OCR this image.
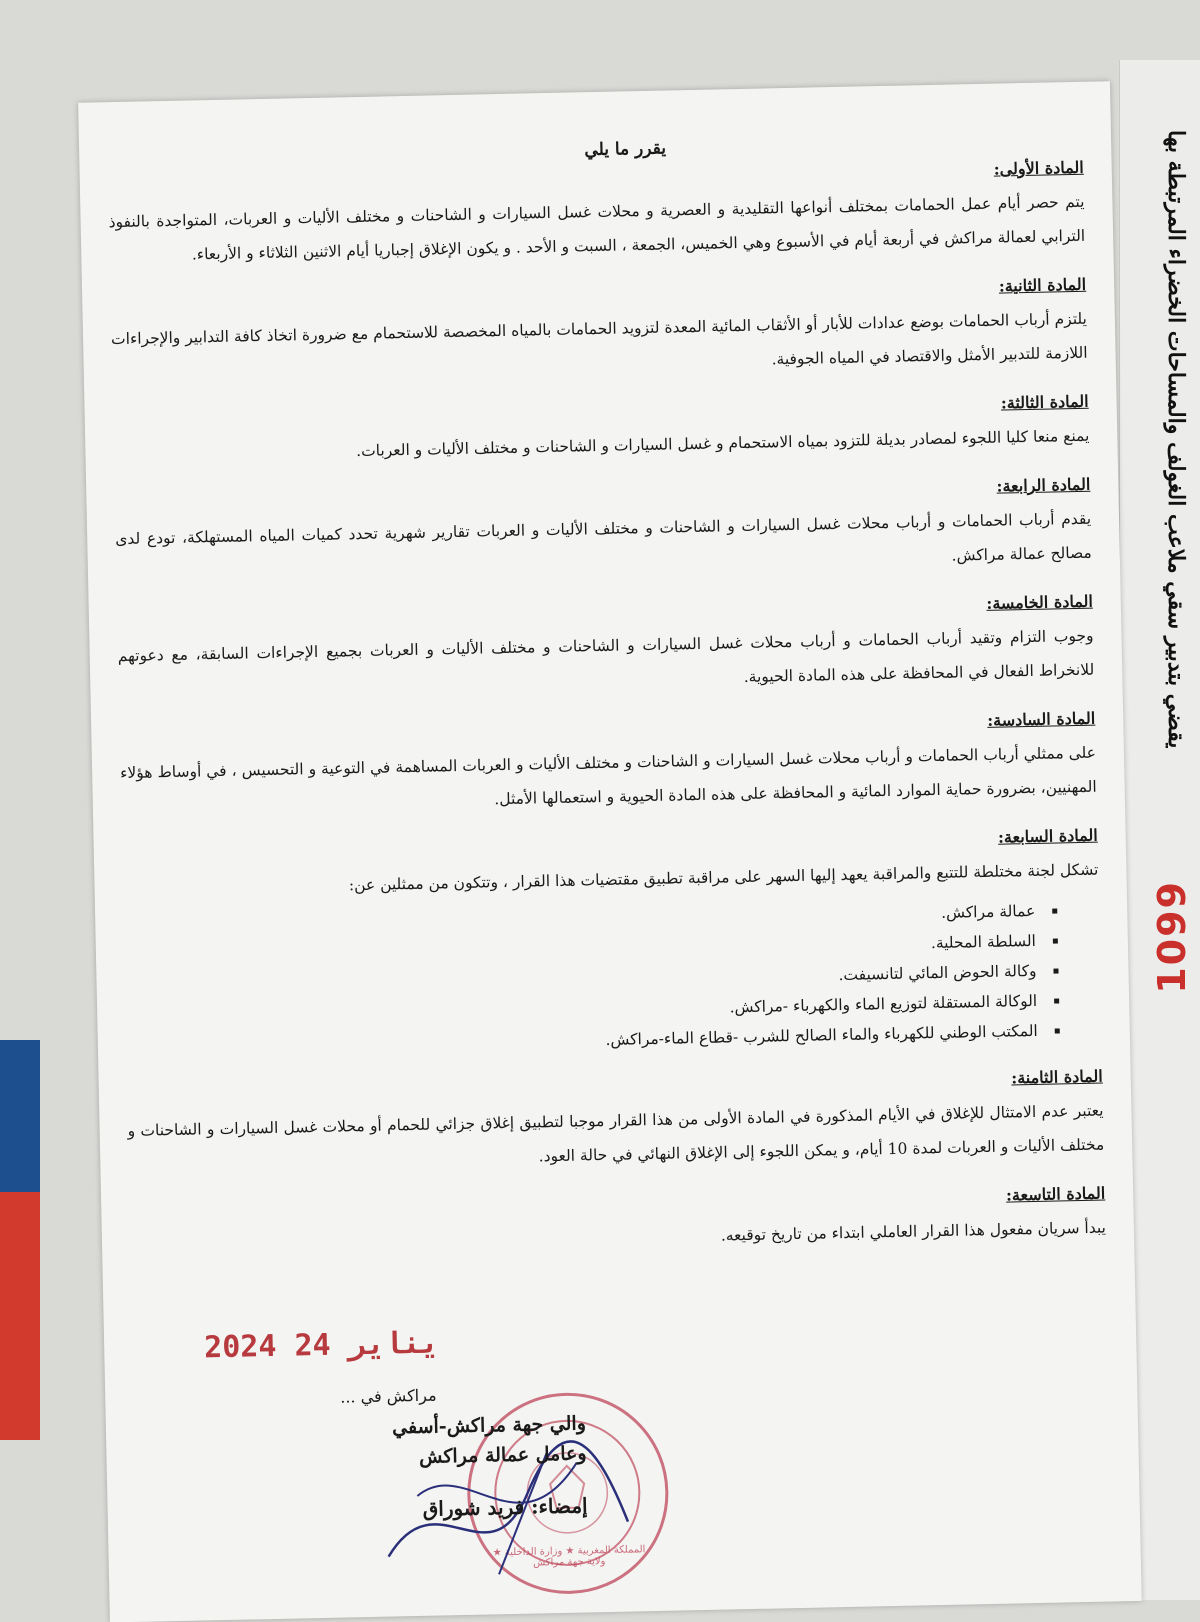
يقضي بتدبير سقي ملاعب الغولف والمساحات الخضراء المرتبطة بها
1099
يقرر ما يلي
المادة الأولى:

يتم حصر أيام عمل الحمامات بمختلف أنواعها التقليدية و العصرية و محلات غسل السيارات و الشاحنات و مختلف الأليات و العربات، المتواجدة بالنفوذ الترابي لعمالة مراكش في أربعة أيام في الأسبوع وهي الخميس، الجمعة ، السبت و الأحد . و يكون الإغلاق إجباريا أيام الاثنين الثلاثاء و الأربعاء.

المادة الثانية:

يلتزم أرباب الحمامات بوضع عدادات للأبار أو الأثقاب المائية المعدة لتزويد الحمامات بالمياه المخصصة للاستحمام مع ضرورة اتخاذ كافة التدابير والإجراءات اللازمة للتدبير الأمثل والاقتصاد في المياه الجوفية.

المادة الثالثة:

يمنع منعا كليا اللجوء لمصادر بديلة للتزود بمياه الاستحمام و غسل السيارات و الشاحنات و مختلف الأليات و العربات.

المادة الرابعة:

يقدم أرباب الحمامات و أرباب محلات غسل السيارات و الشاحنات و مختلف الأليات و العربات تقارير شهرية تحدد كميات المياه المستهلكة، تودع لدى مصالح عمالة مراكش.

المادة الخامسة:

وجوب التزام وتقيد أرباب الحمامات و أرباب محلات غسل السيارات و الشاحنات و مختلف الأليات و العربات بجميع الإجراءات السابقة، مع دعوتهم للانخراط الفعال في المحافظة على هذه المادة الحيوية.

المادة السادسة:

على ممثلي أرباب الحمامات و أرباب محلات غسل السيارات و الشاحنات و مختلف الأليات و العربات المساهمة في التوعية و التحسيس ، في أوساط هؤلاء المهنيين، بضرورة حماية الموارد المائية و المحافظة على هذه المادة الحيوية و استعمالها الأمثل.

المادة السابعة:

تشكل لجنة مختلطة للتتبع والمراقبة يعهد إليها السهر على مراقبة تطبيق مقتضيات هذا القرار ، وتتكون من ممثلين عن:

▪ عمالة مراكش.
▪ السلطة المحلية.
▪ وكالة الحوض المائي لتانسيفت.
▪ الوكالة المستقلة لتوزيع الماء والكهرباء -مراكش.
▪ المكتب الوطني للكهرباء والماء الصالح للشرب -قطاع الماء-مراكش.
المادة الثامنة:

يعتبر عدم الامتثال للإغلاق في الأيام المذكورة في المادة الأولى من هذا القرار موجبا لتطبيق إغلاق جزائي للحمام أو محلات غسل السيارات و الشاحنات و مختلف الأليات و العربات لمدة 10 أيام، و يمكن اللجوء إلى الإغلاق النهائي في حالة العود.

المادة التاسعة:

يبدأ سريان مفعول هذا القرار العاملي ابتداء من تاريخ توقيعه.

2024 يناير 24
مراكش في ...
المملكة المغربية ★ وزارة الداخلية ★ ولاية جهة مراكش
والي جهة مراكش-أسفي
وعامل عمالة مراكش
إمضاء: فريد شوراق
